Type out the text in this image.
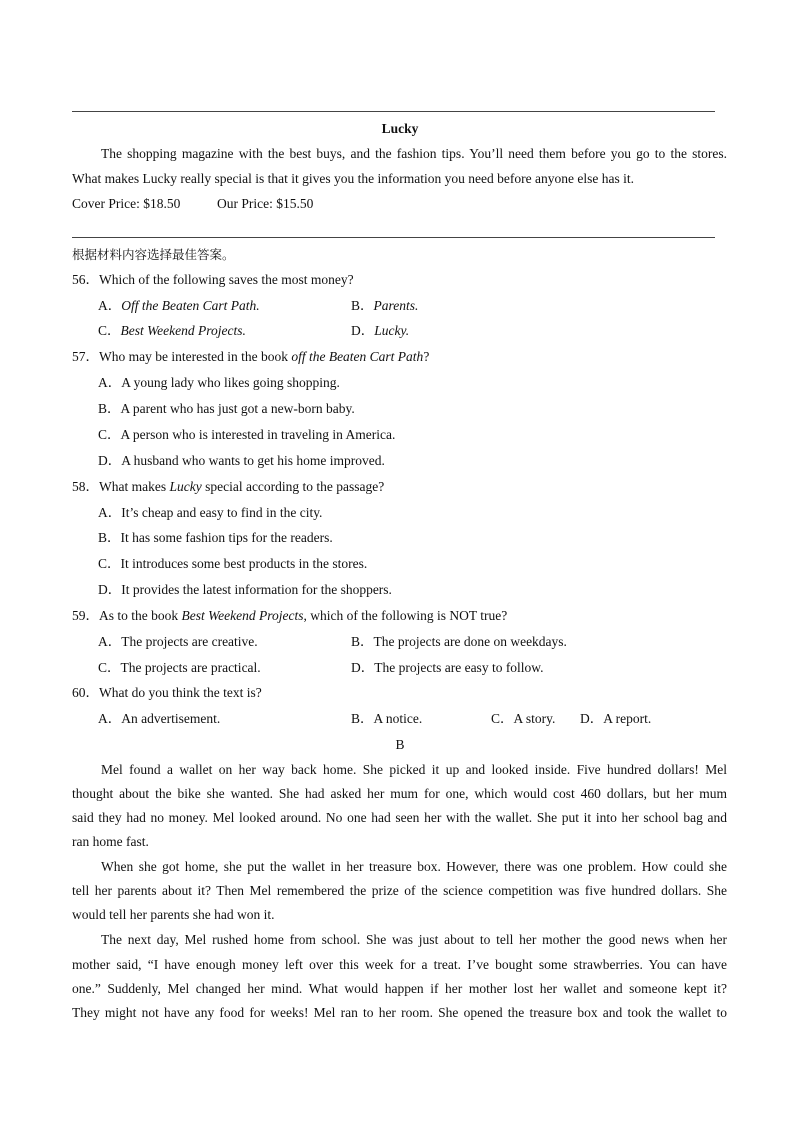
Lucky
The shopping magazine with the best buys, and the fashion tips. You’ll need them before you go to the stores.
What makes Lucky really special is that it gives you the information you need before anyone else has it.
Cover Price: $18.50	Our Price: $15.50
根据材料内容选择最佳答案。
56．Which of the following saves the most money?
A．Off the Beaten Cart Path.	B．Parents.
C．Best Weekend Projects.	D．Lucky.
57．Who may be interested in the book off the Beaten Cart Path?
A．A young lady who likes going shopping.
B．A parent who has just got a new-born baby.
C．A person who is interested in traveling in America.
D．A husband who wants to get his home improved.
58．What makes Lucky special according to the passage?
A．It’s cheap and easy to find in the city.
B．It has some fashion tips for the readers.
C．It introduces some best products in the stores.
D．It provides the latest information for the shoppers.
59．As to the book Best Weekend Projects, which of the following is NOT true?
A．The projects are creative.	B．The projects are done on weekdays.
C．The projects are practical.	D．The projects are easy to follow.
60．What do you think the text is?
A．An advertisement.	B．A notice.	C．A story. D．A report.
B
Mel found a wallet on her way back home. She picked it up and looked inside. Five hundred dollars! Mel
thought about the bike she wanted. She had asked her mum for one, which would cost 460 dollars, but her mum
said they had no money. Mel looked around. No one had seen her with the wallet. She put it into her school bag and
ran home fast.
When she got home, she put the wallet in her treasure box. However, there was one problem. How could she
tell her parents about it? Then Mel remembered the prize of the science competition was five hundred dollars. She
would tell her parents she had won it.
The next day, Mel rushed home from school. She was just about to tell her mother the good news when her
mother said, “I have enough money left over this week for a treat. I’ve bought some strawberries. You can have
one.” Suddenly, Mel changed her mind. What would happen if her mother lost her wallet and someone kept it?
They might not have any food for weeks! Mel ran to her room. She opened the treasure box and took the wallet to
